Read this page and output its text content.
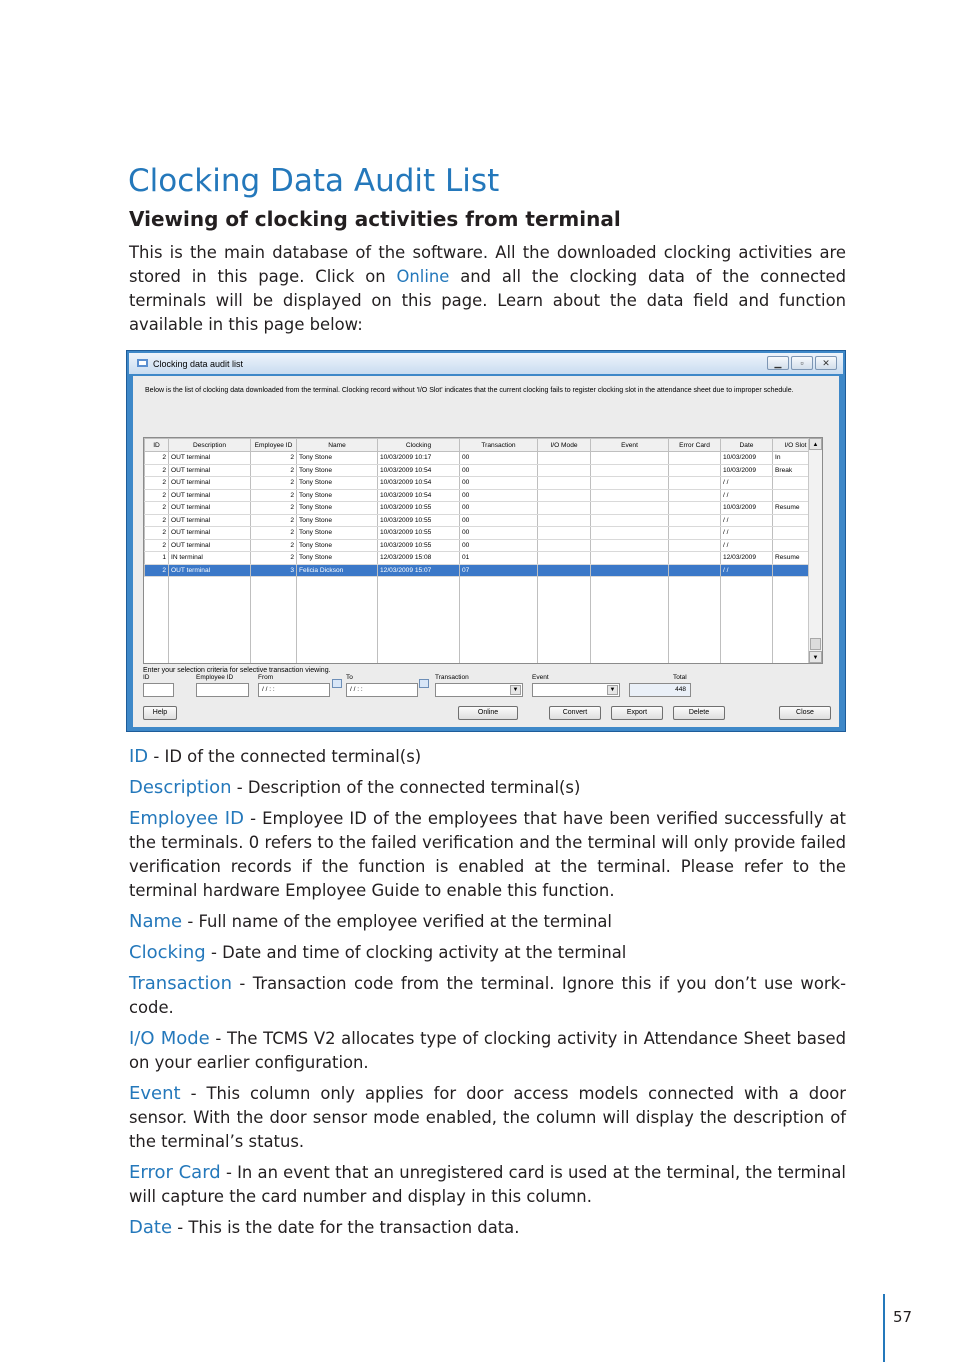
Clocking Data Audit List
Viewing of clocking activities from terminal

This is the main database of the software. All the downloaded clocking activities are stored in this page. Click on Online and all the clocking data of the connected terminals will be displayed on this page. Learn about the data field and function available in this page below:

Clocking data audit list	▁	▫	✕
Below is the list of clocking data downloaded from the terminal. Clocking record without 'I/O Slot' indicates that the current clocking fails to register clocking slot in the attendance sheet due to improper schedule.
ID	Description	Employee ID	Name	Clocking	Transaction	I/O Mode	Event	Error Card	Date	I/O Slot
2	OUT terminal	2	Tony Stone	10/03/2009 10:17	00				10/03/2009	In
2	OUT terminal	2	Tony Stone	10/03/2009 10:54	00				10/03/2009	Break
2	OUT terminal	2	Tony Stone	10/03/2009 10:54	00				/ /	
2	OUT terminal	2	Tony Stone	10/03/2009 10:54	00				/ /	
2	OUT terminal	2	Tony Stone	10/03/2009 10:55	00				10/03/2009	Resume
2	OUT terminal	2	Tony Stone	10/03/2009 10:55	00				/ /	
2	OUT terminal	2	Tony Stone	10/03/2009 10:55	00				/ /	
2	OUT terminal	2	Tony Stone	10/03/2009 10:55	00				/ /	
1	IN terminal	2	Tony Stone	12/03/2009 15:08	01				12/03/2009	Resume
2	OUT terminal	3	Felicia Dickson	12/03/2009 15:07	07				/ /	
▲
▼
Enter your selection criteria for selective transaction viewing.
ID	Employee ID	From
/ / : :
To
/ / : :
Transaction
▼
Event
▼
Total
448
Help	Online	Convert	Export	Delete	Close

ID - ID of the connected terminal(s)

Description - Description of the connected terminal(s)

Employee ID - Employee ID of the employees that have been verified successfully at the terminals. 0 refers to the failed verification and the terminal will only provide failed verification records if the function is enabled at the terminal. Please refer to the terminal hardware Employee Guide to enable this function.

Name - Full name of the employee verified at the terminal

Clocking - Date and time of clocking activity at the terminal

Transaction - Transaction code from the terminal. Ignore this if you don’t use work-code.

I/O Mode - The TCMS V2 allocates type of clocking activity in Attendance Sheet based on your earlier configuration.

Event - This column only applies for door access models connected with a door sensor. With the door sensor mode enabled, the column will display the description of the terminal’s status.

Error Card - In an event that an unregistered card is used at the terminal, the terminal will capture the card number and display in this column.

Date - This is the date for the transaction data.

57
